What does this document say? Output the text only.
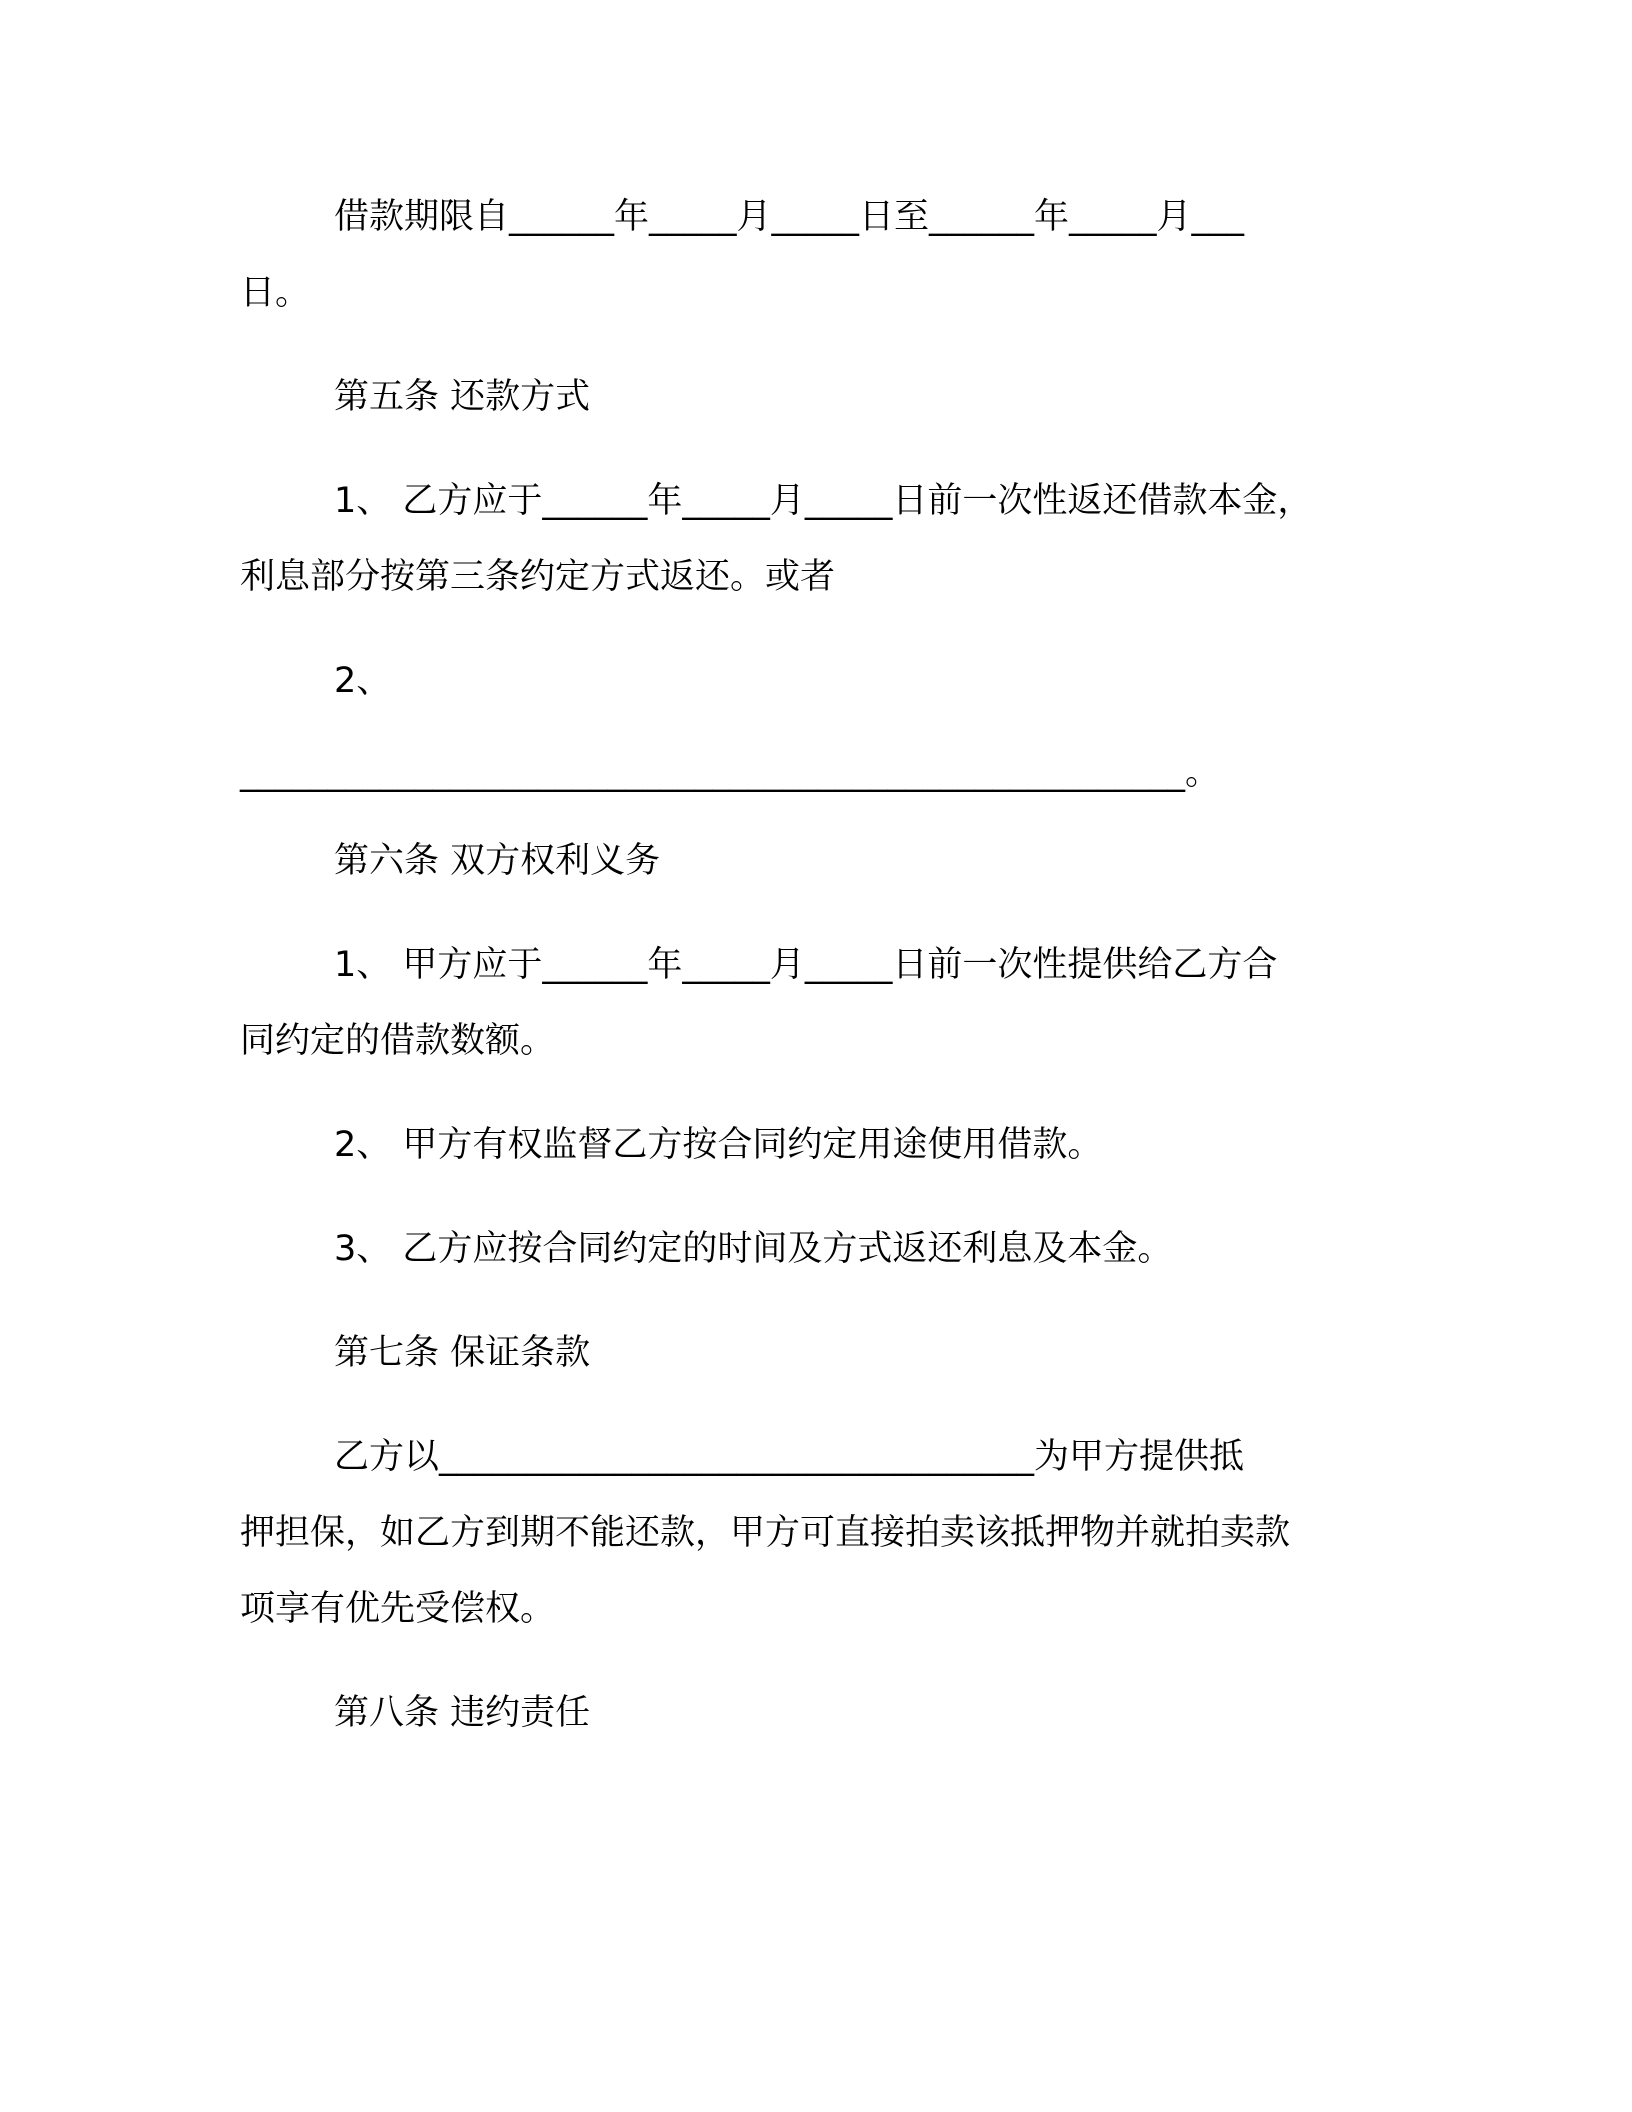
借款期限自______年_____月_____日至______年_____月___
日。
第五条 还款方式
1、 乙方应于______年_____月_____日前一次性返还借款本金，
利息部分按第三条约定方式返还。或者
2、
______________________________________________________。
第六条 双方权利义务
1、 甲方应于______年_____月_____日前一次性提供给乙方合
同约定的借款数额。
2、 甲方有权监督乙方按合同约定用途使用借款。
3、 乙方应按合同约定的时间及方式返还利息及本金。
第七条 保证条款
乙方以__________________________________为甲方提供抵
押担保，如乙方到期不能还款，甲方可直接拍卖该抵押物并就拍卖款
项享有优先受偿权。
第八条 违约责任
